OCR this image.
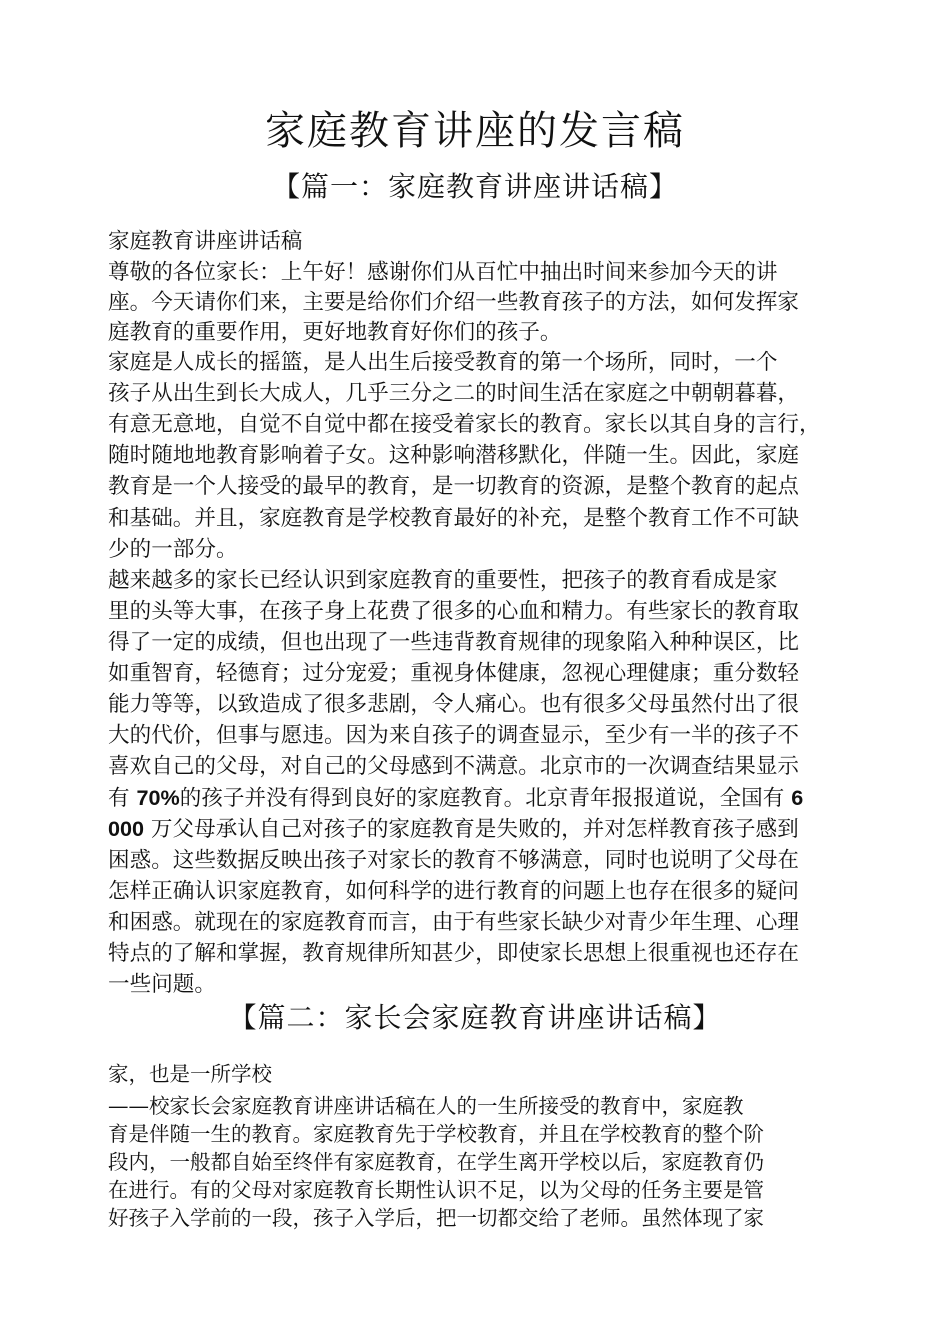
家庭教育讲座的发言稿
【篇一：家庭教育讲座讲话稿】
家庭教育讲座讲话稿
尊敬的各位家长：上午好！感谢你们从百忙中抽出时间来参加今天的讲
座。今天请你们来，主要是给你们介绍一些教育孩子的方法，如何发挥家
庭教育的重要作用，更好地教育好你们的孩子。
家庭是人成长的摇篮，是人出生后接受教育的第一个场所，同时，一个
孩子从出生到长大成人，几乎三分之二的时间生活在家庭之中朝朝暮暮，
有意无意地，自觉不自觉中都在接受着家长的教育。家长以其自身的言行，
随时随地地教育影响着子女。这种影响潜移默化，伴随一生。因此，家庭
教育是一个人接受的最早的教育，是一切教育的资源，是整个教育的起点
和基础。并且，家庭教育是学校教育最好的补充，是整个教育工作不可缺
少的一部分。
越来越多的家长已经认识到家庭教育的重要性，把孩子的教育看成是家
里的头等大事，在孩子身上花费了很多的心血和精力。有些家长的教育取
得了一定的成绩，但也出现了一些违背教育规律的现象陷入种种误区，比
如重智育，轻德育；过分宠爱；重视身体健康，忽视心理健康；重分数轻
能力等等，以致造成了很多悲剧，令人痛心。也有很多父母虽然付出了很
大的代价，但事与愿违。因为来自孩子的调查显示，至少有一半的孩子不
喜欢自己的父母，对自己的父母感到不满意。北京市的一次调查结果显示
有 70%的孩子并没有得到良好的家庭教育。北京青年报报道说，全国有 6
000 万父母承认自己对孩子的家庭教育是失败的，并对怎样教育孩子感到
困惑。这些数据反映出孩子对家长的教育不够满意，同时也说明了父母在
怎样正确认识家庭教育，如何科学的进行教育的问题上也存在很多的疑问
和困惑。就现在的家庭教育而言，由于有些家长缺少对青少年生理、心理
特点的了解和掌握，教育规律所知甚少，即使家长思想上很重视也还存在
一些问题。
【篇二：家长会家庭教育讲座讲话稿】
家，也是一所学校
——校家长会家庭教育讲座讲话稿在人的一生所接受的教育中，家庭教
育是伴随一生的教育。家庭教育先于学校教育，并且在学校教育的整个阶
段内，一般都自始至终伴有家庭教育，在学生离开学校以后，家庭教育仍
在进行。有的父母对家庭教育长期性认识不足，以为父母的任务主要是管
好孩子入学前的一段，孩子入学后，把一切都交给了老师。虽然体现了家
